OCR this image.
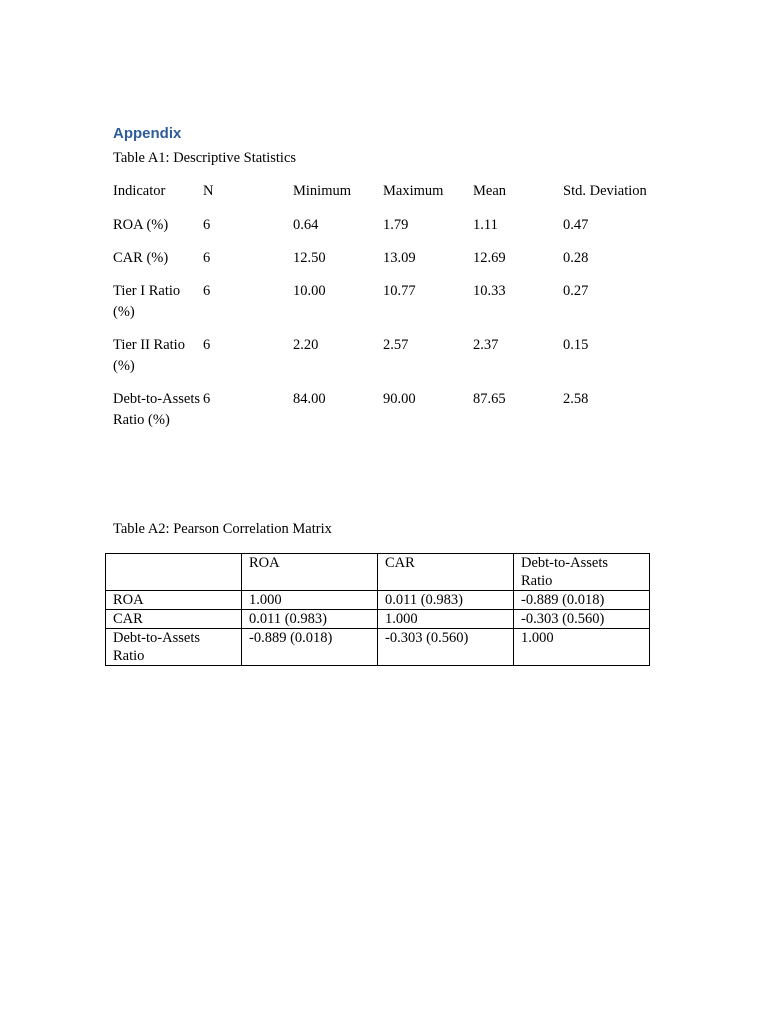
Appendix

Table A1: Descriptive Statistics

Indicator	N	Minimum	Maximum	Mean	Std. Deviation
ROA (%)	6	0.64	1.79	1.11	0.47
CAR (%)	6	12.50	13.09	12.69	0.28
Tier I Ratio (%)	6	10.00	10.77	10.33	0.27
Tier II Ratio (%)	6	2.20	2.57	2.37	0.15
Debt-to-Assets Ratio (%)	6	84.00	90.00	87.65	2.58

Table A2: Pearson Correlation Matrix

	ROA	CAR	Debt-to-Assets Ratio
ROA	1.000	0.011 (0.983)	-0.889 (0.018)
CAR	0.011 (0.983)	1.000	-0.303 (0.560)
Debt-to-Assets Ratio	-0.889 (0.018)	-0.303 (0.560)	1.000
